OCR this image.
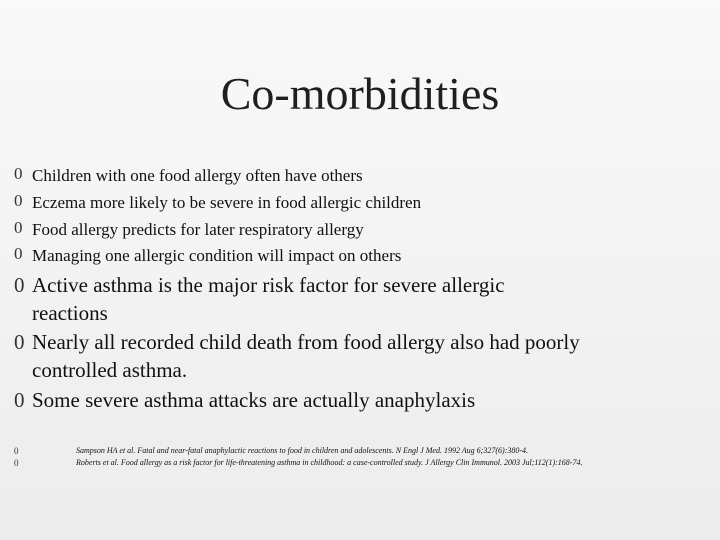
Co-morbidities
0 Children with one food allergy often have others
0 Eczema more likely to be severe in food allergic children
0 Food allergy predicts for later respiratory allergy
0 Managing one allergic condition will impact on others
0 Active asthma is the major risk factor for severe allergic reactions
0 Nearly all recorded child death from food allergy also had poorly controlled asthma.
0 Some severe asthma attacks are actually anaphylaxis
0	Sampson HA et al. Fatal and near-fatal anaphylactic reactions to food in children and adolescents. N Engl J Med. 1992 Aug 6;327(6):380-4.
0	Roberts et al. Food allergy as a risk factor for life-threatening asthma in childhood: a case-controlled study. J Allergy Clin Immunol. 2003 Jul;112(1):168-74.
